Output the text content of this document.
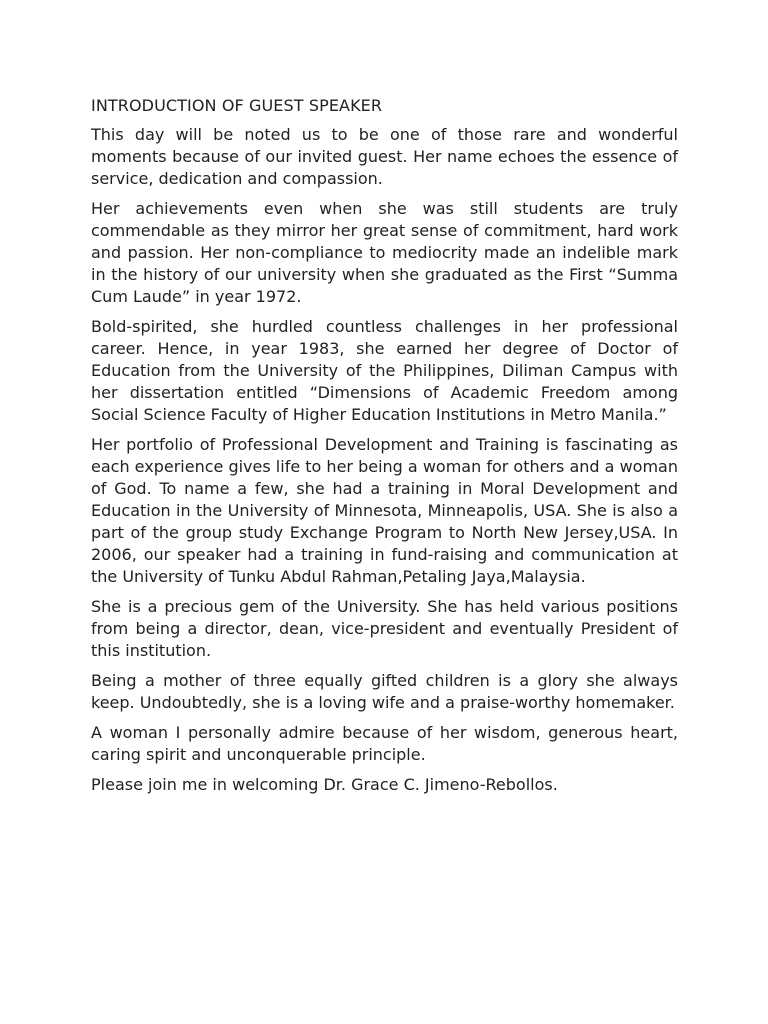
INTRODUCTION OF GUEST SPEAKER

This day will be noted us to be one of those rare and wonderful moments because of our invited guest. Her name echoes the essence of service, dedication and compassion.

Her achievements even when she was still students are truly commendable as they mirror her great sense of commitment, hard work and passion. Her non-compliance to mediocrity made an indelible mark in the history of our university when she graduated as the First “Summa Cum Laude” in year 1972.

Bold-spirited, she hurdled countless challenges in her professional career. Hence, in year 1983, she earned her degree of Doctor of Education from the University of the Philippines, Diliman Campus with her dissertation entitled “Dimensions of Academic Freedom among Social Science Faculty of Higher Education Institutions in Metro Manila.”

Her portfolio of Professional Development and Training is fascinating as each experience gives life to her being a woman for others and a woman of God. To name a few, she had a training in Moral Development and Education in the University of Minnesota, Minneapolis, USA. She is also a part of the group study Exchange Program to North New Jersey,USA. In 2006, our speaker had a training in fund-raising and communication at the University of Tunku Abdul Rahman,Petaling Jaya,Malaysia.

She is a precious gem of the University. She has held various positions from being a director, dean, vice-president and eventually President of this institution.

Being a mother of three equally gifted children is a glory she always keep. Undoubtedly, she is a loving wife and a praise-worthy homemaker.

A woman I personally admire because of her wisdom, generous heart, caring spirit and unconquerable principle.

Please join me in welcoming Dr. Grace C. Jimeno-Rebollos.
